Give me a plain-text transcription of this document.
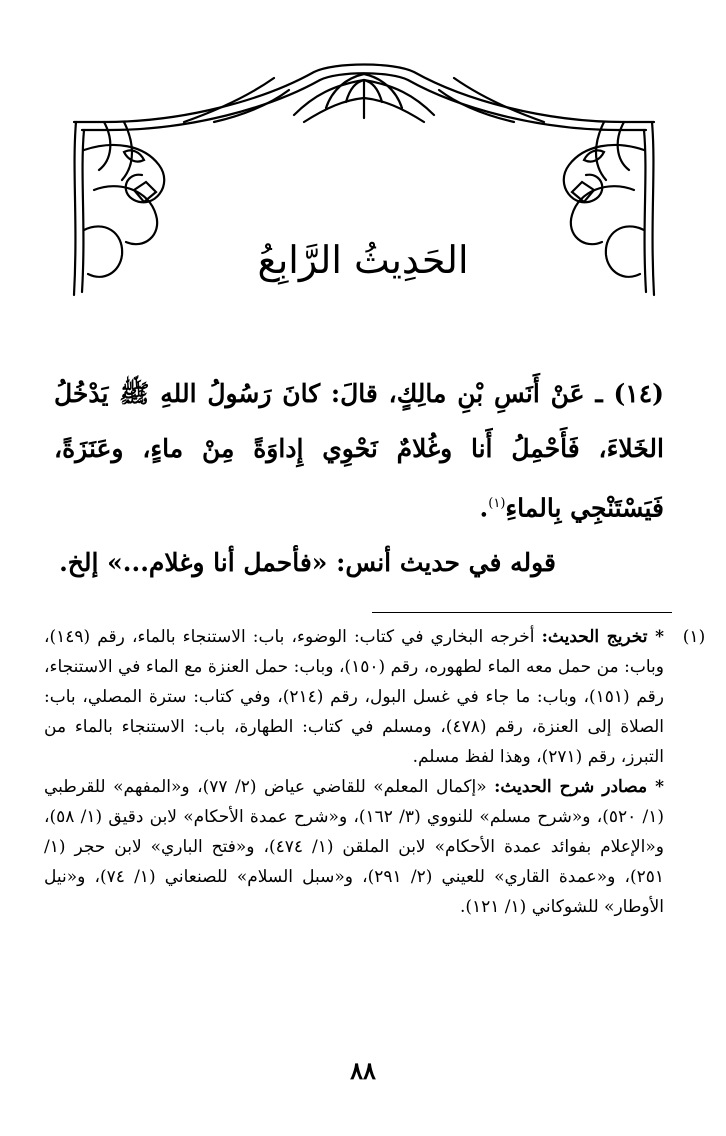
الحَدِيثُ الرَّابِعُ
(١٤) ـ عَنْ أَنَسِ بْنِ مالِكٍ، قالَ: كانَ رَسُولُ اللهِ ﷺ يَدْخُلُ الخَلاءَ، فَأَحْمِلُ أَنا وغُلامٌ نَحْوِي إِداوَةً مِنْ ماءٍ، وعَنَزَةً، فَيَسْتَنْجِي بِالماءِ$^{(١)}$.
قوله في حديث أنس: «فأحمل أنا وغلام...» إلخ.
(١)

* تخريج الحديث: أخرجه البخاري في كتاب: الوضوء، باب: الاستنجاء بالماء، رقم (١٤٩)، وباب: من حمل معه الماء لطهوره، رقم (١٥٠)، وباب: حمل العنزة مع الماء في الاستنجاء، رقم (١٥١)، وباب: ما جاء في غسل البول، رقم (٢١٤)، وفي كتاب: سترة المصلي، باب: الصلاة إلى العنزة، رقم (٤٧٨)، ومسلم في كتاب: الطهارة، باب: الاستنجاء بالماء من التبرز، رقم (٢٧١)، وهذا لفظ مسلم.

* مصادر شرح الحديث: «إكمال المعلم» للقاضي عياض (٢/ ٧٧)، و«المفهم» للقرطبي (١/ ٥٢٠)، و«شرح مسلم» للنووي (٣/ ١٦٢)، و«شرح عمدة الأحكام» لابن دقيق (١/ ٥٨)، و«الإعلام بفوائد عمدة الأحكام» لابن الملقن (١/ ٤٧٤)، و«فتح الباري» لابن حجر (١/ ٢٥١)، و«عمدة القاري» للعيني (٢/ ٢٩١)، و«سبل السلام» للصنعاني (١/ ٧٤)، و«نيل الأوطار» للشوكاني (١/ ١٢١).

٨٨
